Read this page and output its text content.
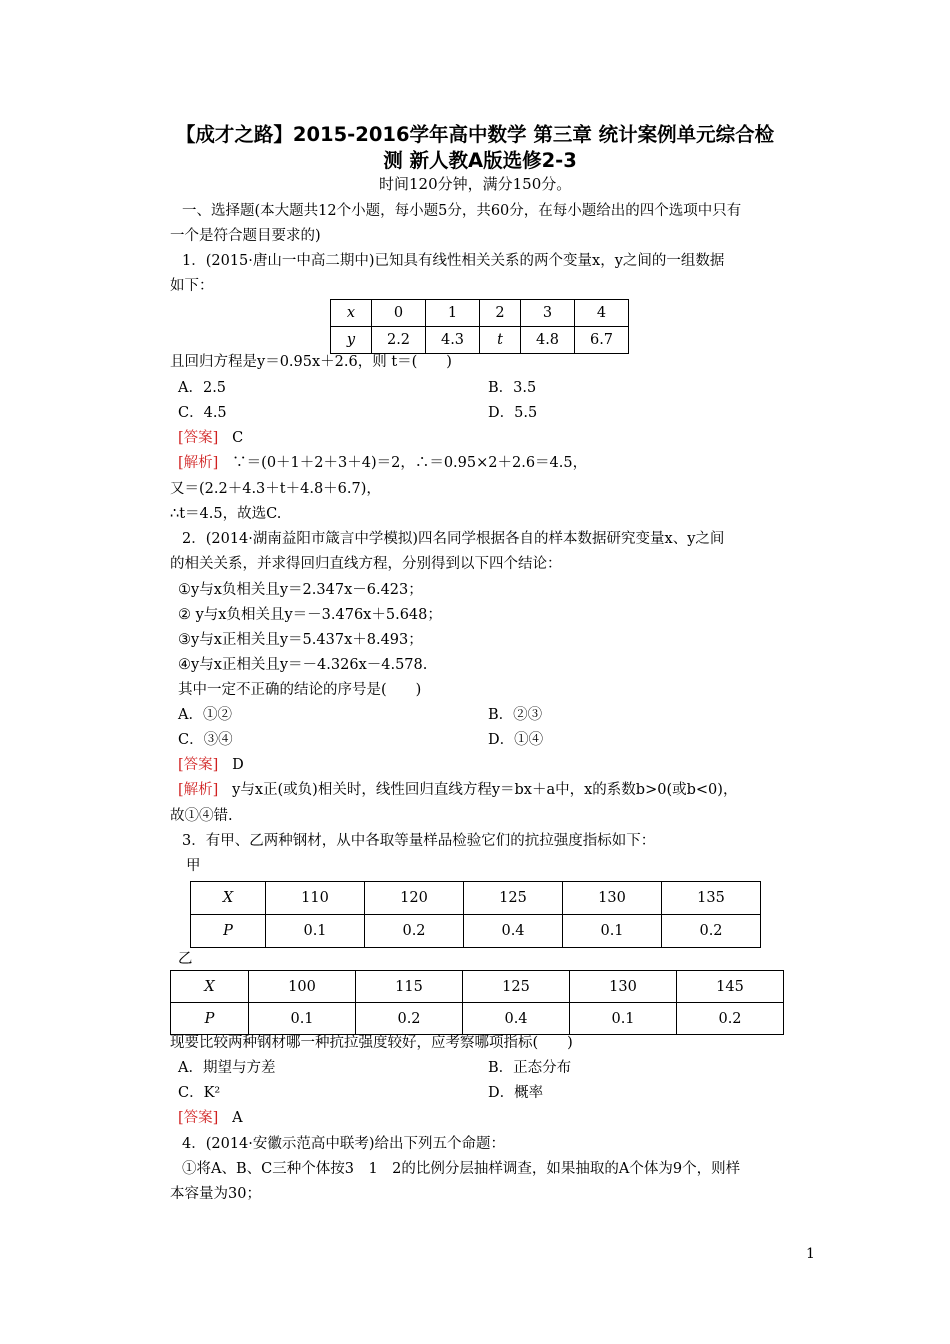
【成才之路】2015-2016学年高中数学 第三章 统计案例单元综合检
测 新人教A版选修2-3
时间120分钟，满分150分。
一、选择题(本大题共12个小题，每小题5分，共60分，在每小题给出的四个选项中只有
一个是符合题目要求的)
1．(2015·唐山一中高二期中)已知具有线性相关关系的两个变量x，y之间的一组数据
如下：
x	0	1	2	3	4
y	2.2	4.3	t	4.8	6.7
且回归方程是y＝0.95x＋2.6，则 t＝(　　)
A．2.5	B．3.5
C．4.5	D．5.5
[答案] C
[解析] ∵＝(0＋1＋2＋3＋4)＝2，∴＝0.95×2＋2.6＝4.5，
又＝(2.2＋4.3＋t＋4.8＋6.7)，
∴t＝4.5，故选C.
2．(2014·湖南益阳市箴言中学模拟)四名同学根据各自的样本数据研究变量x、y之间
的相关关系，并求得回归直线方程，分别得到以下四个结论：
①y与x负相关且y＝2.347x－6.423；
② y与x负相关且y＝－3.476x＋5.648；
③y与x正相关且y＝5.437x＋8.493；
④y与x正相关且y＝－4.326x－4.578.
其中一定不正确的结论的序号是(　　)
A．①②	B．②③
C．③④	D．①④
[答案] D
[解析] y与x正(或负)相关时，线性回归直线方程y＝bx＋a中，x的系数b>0(或b<0)，
故①④错.
3．有甲、乙两种钢材，从中各取等量样品检验它们的抗拉强度指标如下：
甲
X	110	120	125	130	135
P	0.1	0.2	0.4	0.1	0.2
乙
X	100	115	125	130	145
P	0.1	0.2	0.4	0.1	0.2
现要比较两种钢材哪一种抗拉强度较好，应考察哪项指标(　　)
A．期望与方差	B．正态分布
C．K²	D．概率
[答案] A
4．(2014·安徽示范高中联考)给出下列五个命题：
①将A、B、C三种个体按3　1　2的比例分层抽样调查，如果抽取的A个体为9个，则样
本容量为30；
1
